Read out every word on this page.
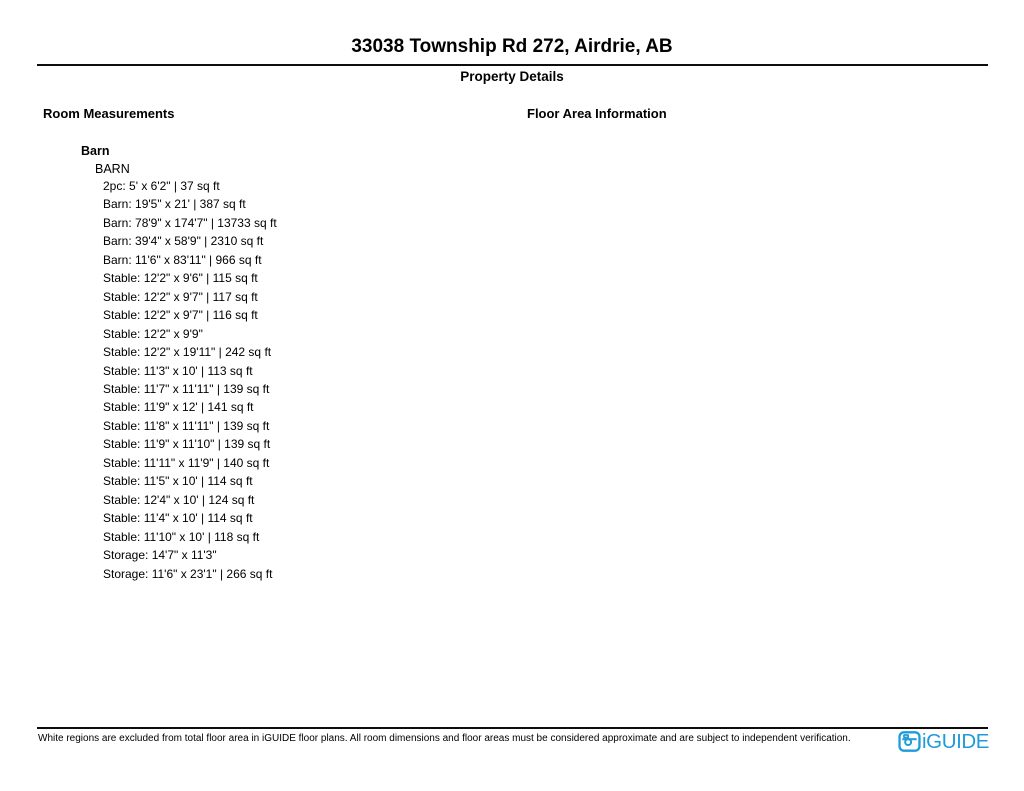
33038 Township Rd 272, Airdrie, AB
Property Details
Room Measurements	Floor Area Information
Barn
BARN
2pc: 5' x 6'2" | 37 sq ft
Barn: 19'5" x 21' | 387 sq ft
Barn: 78'9" x 174'7" | 13733 sq ft
Barn: 39'4" x 58'9" | 2310 sq ft
Barn: 11'6" x 83'11" | 966 sq ft
Stable: 12'2" x 9'6" | 115 sq ft
Stable: 12'2" x 9'7" | 117 sq ft
Stable: 12'2" x 9'7" | 116 sq ft
Stable: 12'2" x 9'9"
Stable: 12'2" x 19'11" | 242 sq ft
Stable: 11'3" x 10' | 113 sq ft
Stable: 11'7" x 11'11" | 139 sq ft
Stable: 11'9" x 12' | 141 sq ft
Stable: 11'8" x 11'11" | 139 sq ft
Stable: 11'9" x 11'10" | 139 sq ft
Stable: 11'11" x 11'9" | 140 sq ft
Stable: 11'5" x 10' | 114 sq ft
Stable: 12'4" x 10' | 124 sq ft
Stable: 11'4" x 10' | 114 sq ft
Stable: 11'10" x 10' | 118 sq ft
Storage: 14'7" x 11'3"
Storage: 11'6" x 23'1" | 266 sq ft
White regions are excluded from total floor area in iGUIDE floor plans. All room dimensions and floor areas must be considered approximate and are subject to independent verification.	iGUIDE
